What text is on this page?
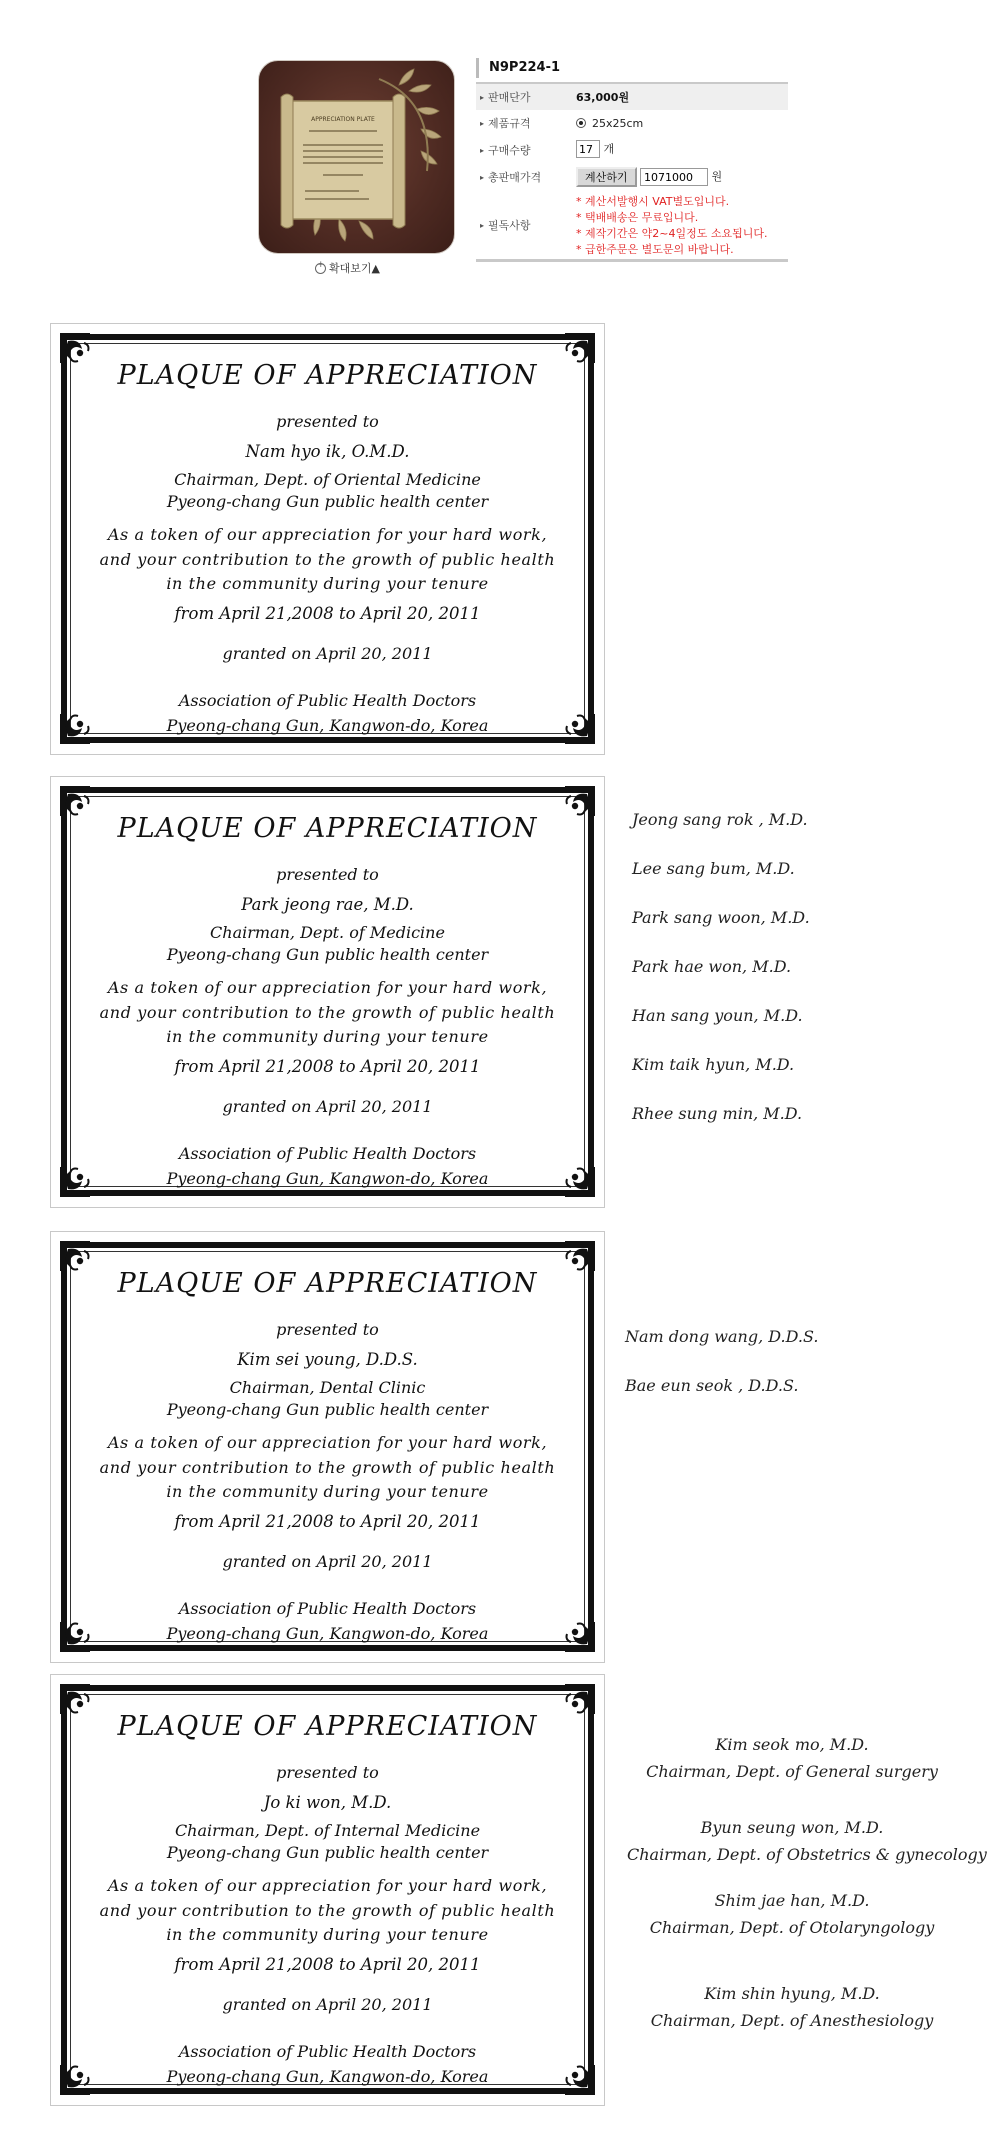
APPRECIATION PLATE
+확대보기▲
N9P224-1
▸ 판매단가	63,000원
▸ 제품규격	25x25cm
▸ 구매수량
17	개
▸ 총판매가격	계산하기 1071000	원
▸ 필독사항
* 계산서발행시 VAT별도입니다.
* 택배배송은 무료입니다.
* 제작기간은 약2~4일정도 소요됩니다.
* 급한주문은 별도문의 바랍니다.
PLAQUE OF APPRECIATION
presented to
Nam hyo ik, O.M.D.
Chairman, Dept. of Oriental Medicine
Pyeong-chang Gun public health center
As a token of our appreciation for your hard work,
and your contribution to the growth of public health
in the community during your tenure
from April 21,2008 to April 20, 2011
granted on April 20, 2011
Association of Public Health Doctors
Pyeong-chang Gun, Kangwon-do, Korea
PLAQUE OF APPRECIATION
presented to
Park jeong rae, M.D.
Chairman, Dept. of Medicine
Pyeong-chang Gun public health center
As a token of our appreciation for your hard work,
and your contribution to the growth of public health
in the community during your tenure
from April 21,2008 to April 20, 2011
granted on April 20, 2011
Association of Public Health Doctors
Pyeong-chang Gun, Kangwon-do, Korea
PLAQUE OF APPRECIATION
presented to
Kim sei young, D.D.S.
Chairman, Dental Clinic
Pyeong-chang Gun public health center
As a token of our appreciation for your hard work,
and your contribution to the growth of public health
in the community during your tenure
from April 21,2008 to April 20, 2011
granted on April 20, 2011
Association of Public Health Doctors
Pyeong-chang Gun, Kangwon-do, Korea
PLAQUE OF APPRECIATION
presented to
Jo ki won, M.D.
Chairman, Dept. of Internal Medicine
Pyeong-chang Gun public health center
As a token of our appreciation for your hard work,
and your contribution to the growth of public health
in the community during your tenure
from April 21,2008 to April 20, 2011
granted on April 20, 2011
Association of Public Health Doctors
Pyeong-chang Gun, Kangwon-do, Korea
Jeong sang rok , M.D.
Lee sang bum, M.D.
Park sang woon, M.D.
Park hae won, M.D.
Han sang youn, M.D.
Kim taik hyun, M.D.
Rhee sung min, M.D.
Nam dong wang, D.D.S.
Bae eun seok , D.D.S.
Kim seok mo, M.D.
Chairman, Dept. of General surgery
Byun seung won, M.D.
Chairman, Dept. of Obstetrics & gynecology
Shim jae han, M.D.
Chairman, Dept. of Otolaryngology
Kim shin hyung, M.D.
Chairman, Dept. of Anesthesiology
